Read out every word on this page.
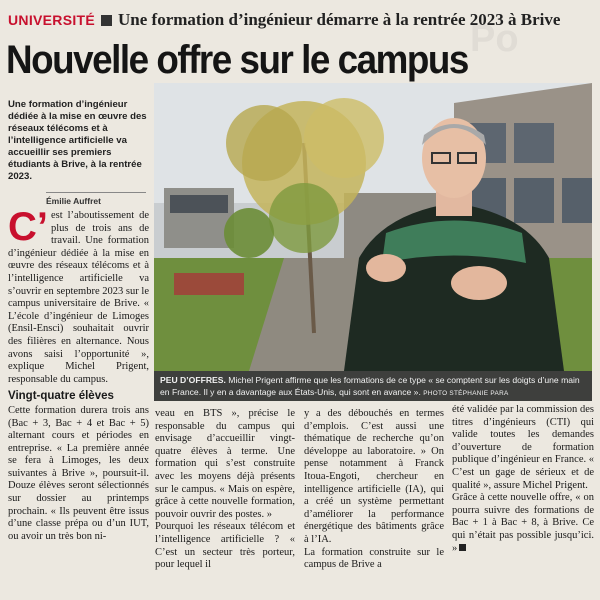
Po
UNIVERSITÉ Une formation d’ingénieur démarre à la rentrée 2023 à Brive
Nouvelle offre sur le campus
Une formation d’ingénieur dédiée à la mise en œuvre des réseaux télécoms et à l’intelligence artificielle va accueillir ses premiers étudiants à Brive, à la rentrée 2023.
Émilie Auffret
PEU D’OFFRES. Michel Prigent affirme que les formations de ce type « se comptent sur les doigts d’une main en France. Il y en a davantage aux États-Unis, qui sont en avance ». PHOTO STÉPHANIE PARA
C’ est l’aboutissement de plus de trois ans de travail. Une formation d’ingénieur dédiée à la mise en œuvre des réseaux télécoms et à l’intelligence artificielle va s’ouvrir en septembre 2023 sur le campus universitaire de Brive. « L’école d’ingénieur de Limoges (Ensil-Ensci) souhaitait ouvrir des filières en alternance. Nous avons saisi l’opportunité », explique Michel Prigent, responsable du campus.

Vingt-quatre élèves

Cette formation durera trois ans (Bac + 3, Bac + 4 et Bac + 5) alternant cours et périodes en entreprise. « La première année se fera à Limoges, les deux suivantes à Brive », poursuit-il. Douze élèves seront sélectionnés sur dossier au printemps prochain. « Ils peuvent être issus d’une classe prépa ou d’un IUT, ou avoir un très bon ni-

veau en BTS », précise le responsable du campus qui envisage d’accueillir vingt-quatre élèves à terme. Une formation qui s’est construite avec les moyens déjà présents sur le campus. « Mais on espère, grâce à cette nouvelle formation, pouvoir ouvrir des postes. »

Pourquoi les réseaux télécom et l’intelligence artificielle ? « C’est un secteur très porteur, pour lequel il

y a des débouchés en termes d’emplois. C’est aussi une thématique de recherche qu’on développe au laboratoire. » On pense notamment à Franck Itoua-Engoti, chercheur en intelligence artificielle (IA), qui a créé un système permettant d’améliorer la performance énergétique des bâtiments grâce à l’IA.

La formation construite sur le campus de Brive a

été validée par la commission des titres d’ingénieurs (CTI) qui valide toutes les demandes d’ouverture de formation publique d’ingénieur en France. « C’est un gage de sérieux et de qualité », assure Michel Prigent.

Grâce à cette nouvelle offre, « on pourra suivre des formations de Bac + 1 à Bac + 8, à Brive. Ce qui n’était pas possible jusqu’ici. »
